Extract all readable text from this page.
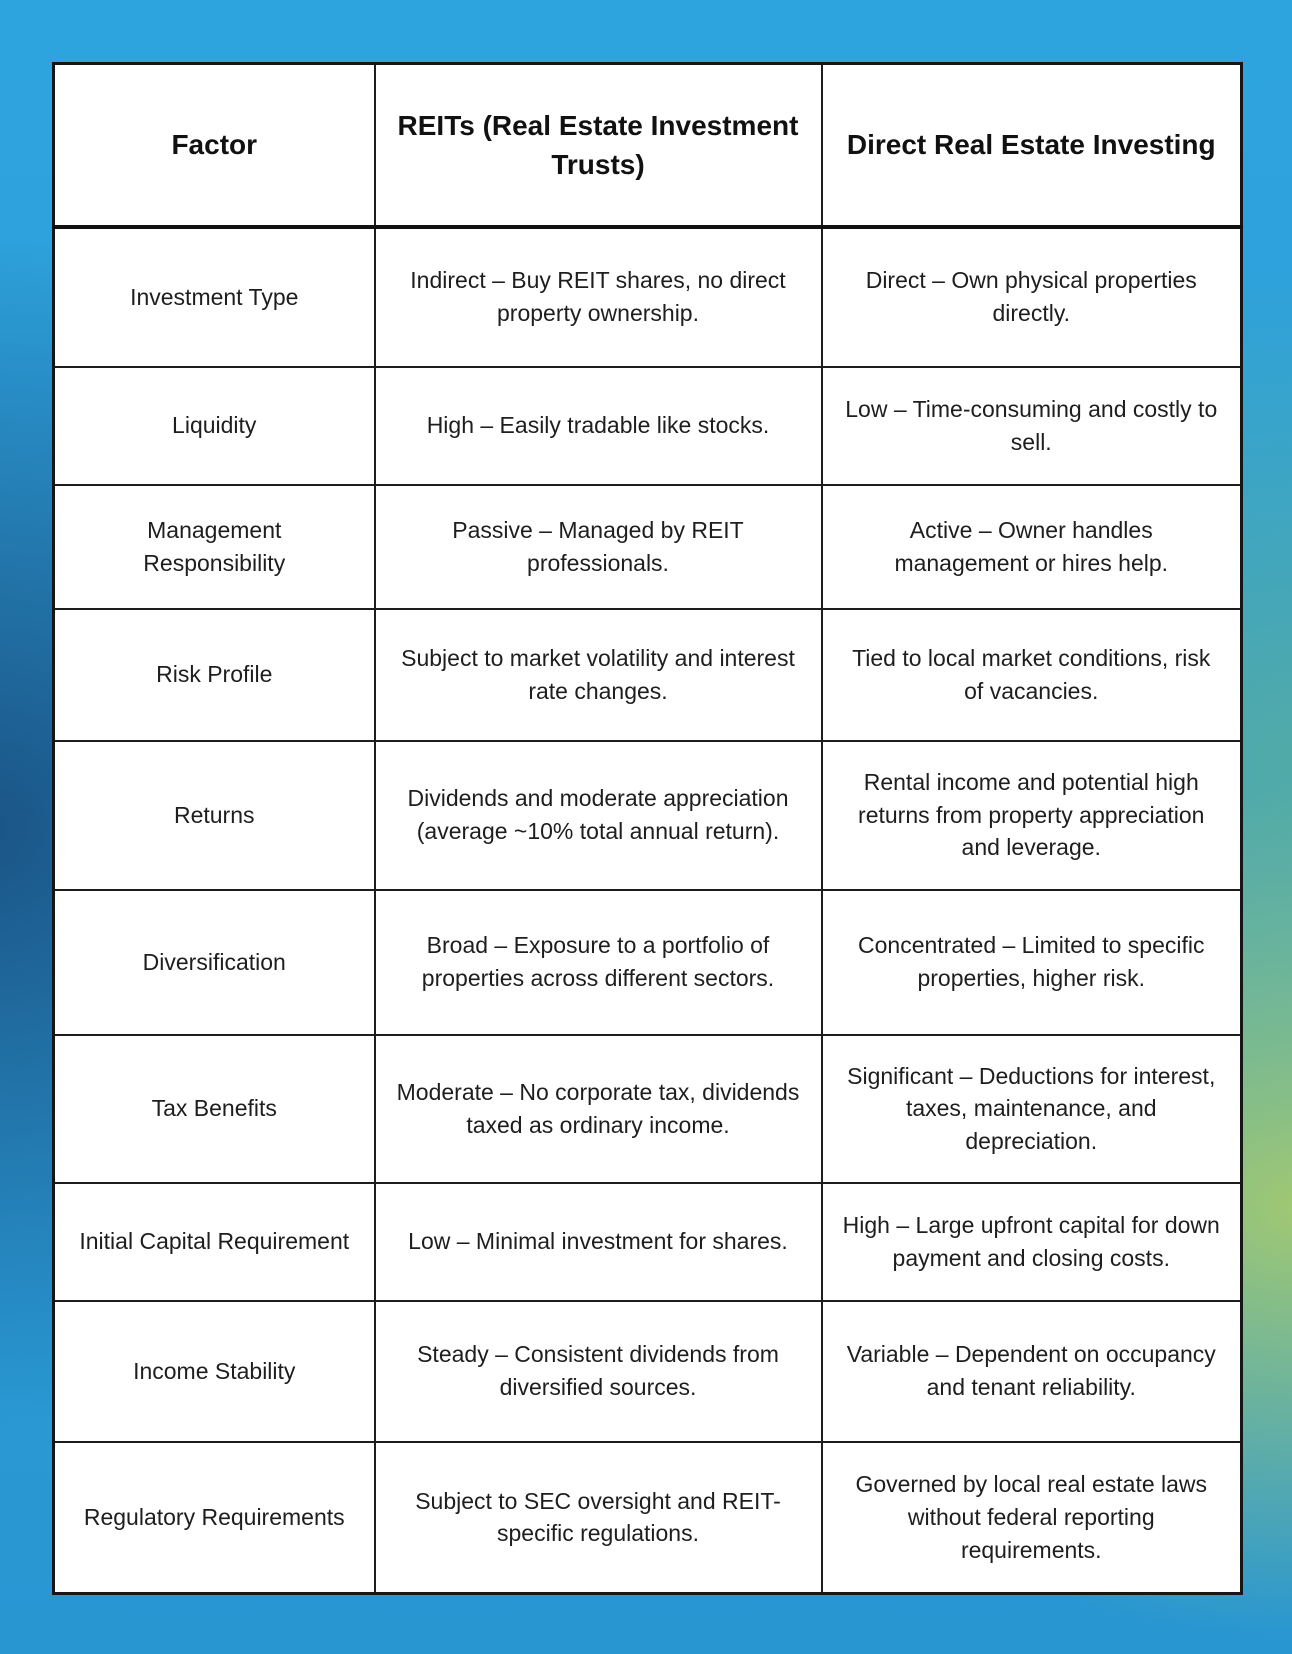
Factor	REITs (Real Estate Investment Trusts)	Direct Real Estate Investing
Investment Type	Indirect – Buy REIT shares, no direct property ownership.	Direct – Own physical properties directly.
Liquidity	High – Easily tradable like stocks.	Low – Time-consuming and costly to sell.
Management Responsibility	Passive – Managed by REIT professionals.	Active – Owner handles management or hires help.
Risk Profile	Subject to market volatility and interest rate changes.	Tied to local market conditions, risk of vacancies.
Returns	Dividends and moderate appreciation (average ~10% total annual return).	Rental income and potential high returns from property appreciation and leverage.
Diversification	Broad – Exposure to a portfolio of properties across different sectors.	Concentrated – Limited to specific properties, higher risk.
Tax Benefits	Moderate – No corporate tax, dividends taxed as ordinary income.	Significant – Deductions for interest, taxes, maintenance, and depreciation.
Initial Capital Requirement	Low – Minimal investment for shares.	High – Large upfront capital for down payment and closing costs.
Income Stability	Steady – Consistent dividends from diversified sources.	Variable – Dependent on occupancy and tenant reliability.
Regulatory Requirements	Subject to SEC oversight and REIT-specific regulations.	Governed by local real estate laws without federal reporting requirements.
